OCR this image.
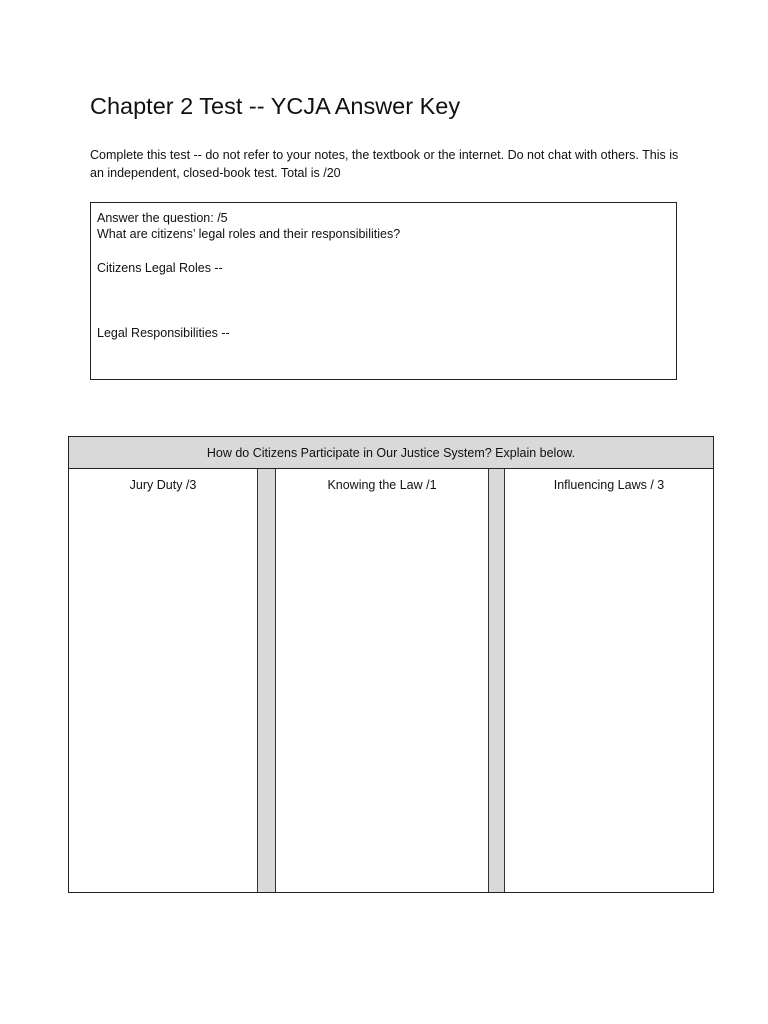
Chapter 2 Test -- YCJA Answer Key

Complete this test -- do not refer to your notes, the textbook or the internet. Do not chat with others. This is an independent, closed-book test. Total is /20

Answer the question: /5
What are citizens’ legal roles and their responsibilities?
Citizens Legal Roles --
Legal Responsibilities --
How do Citizens Participate in Our Justice System? Explain below.
Jury Duty /3	Knowing the Law /1	Influencing Laws / 3
